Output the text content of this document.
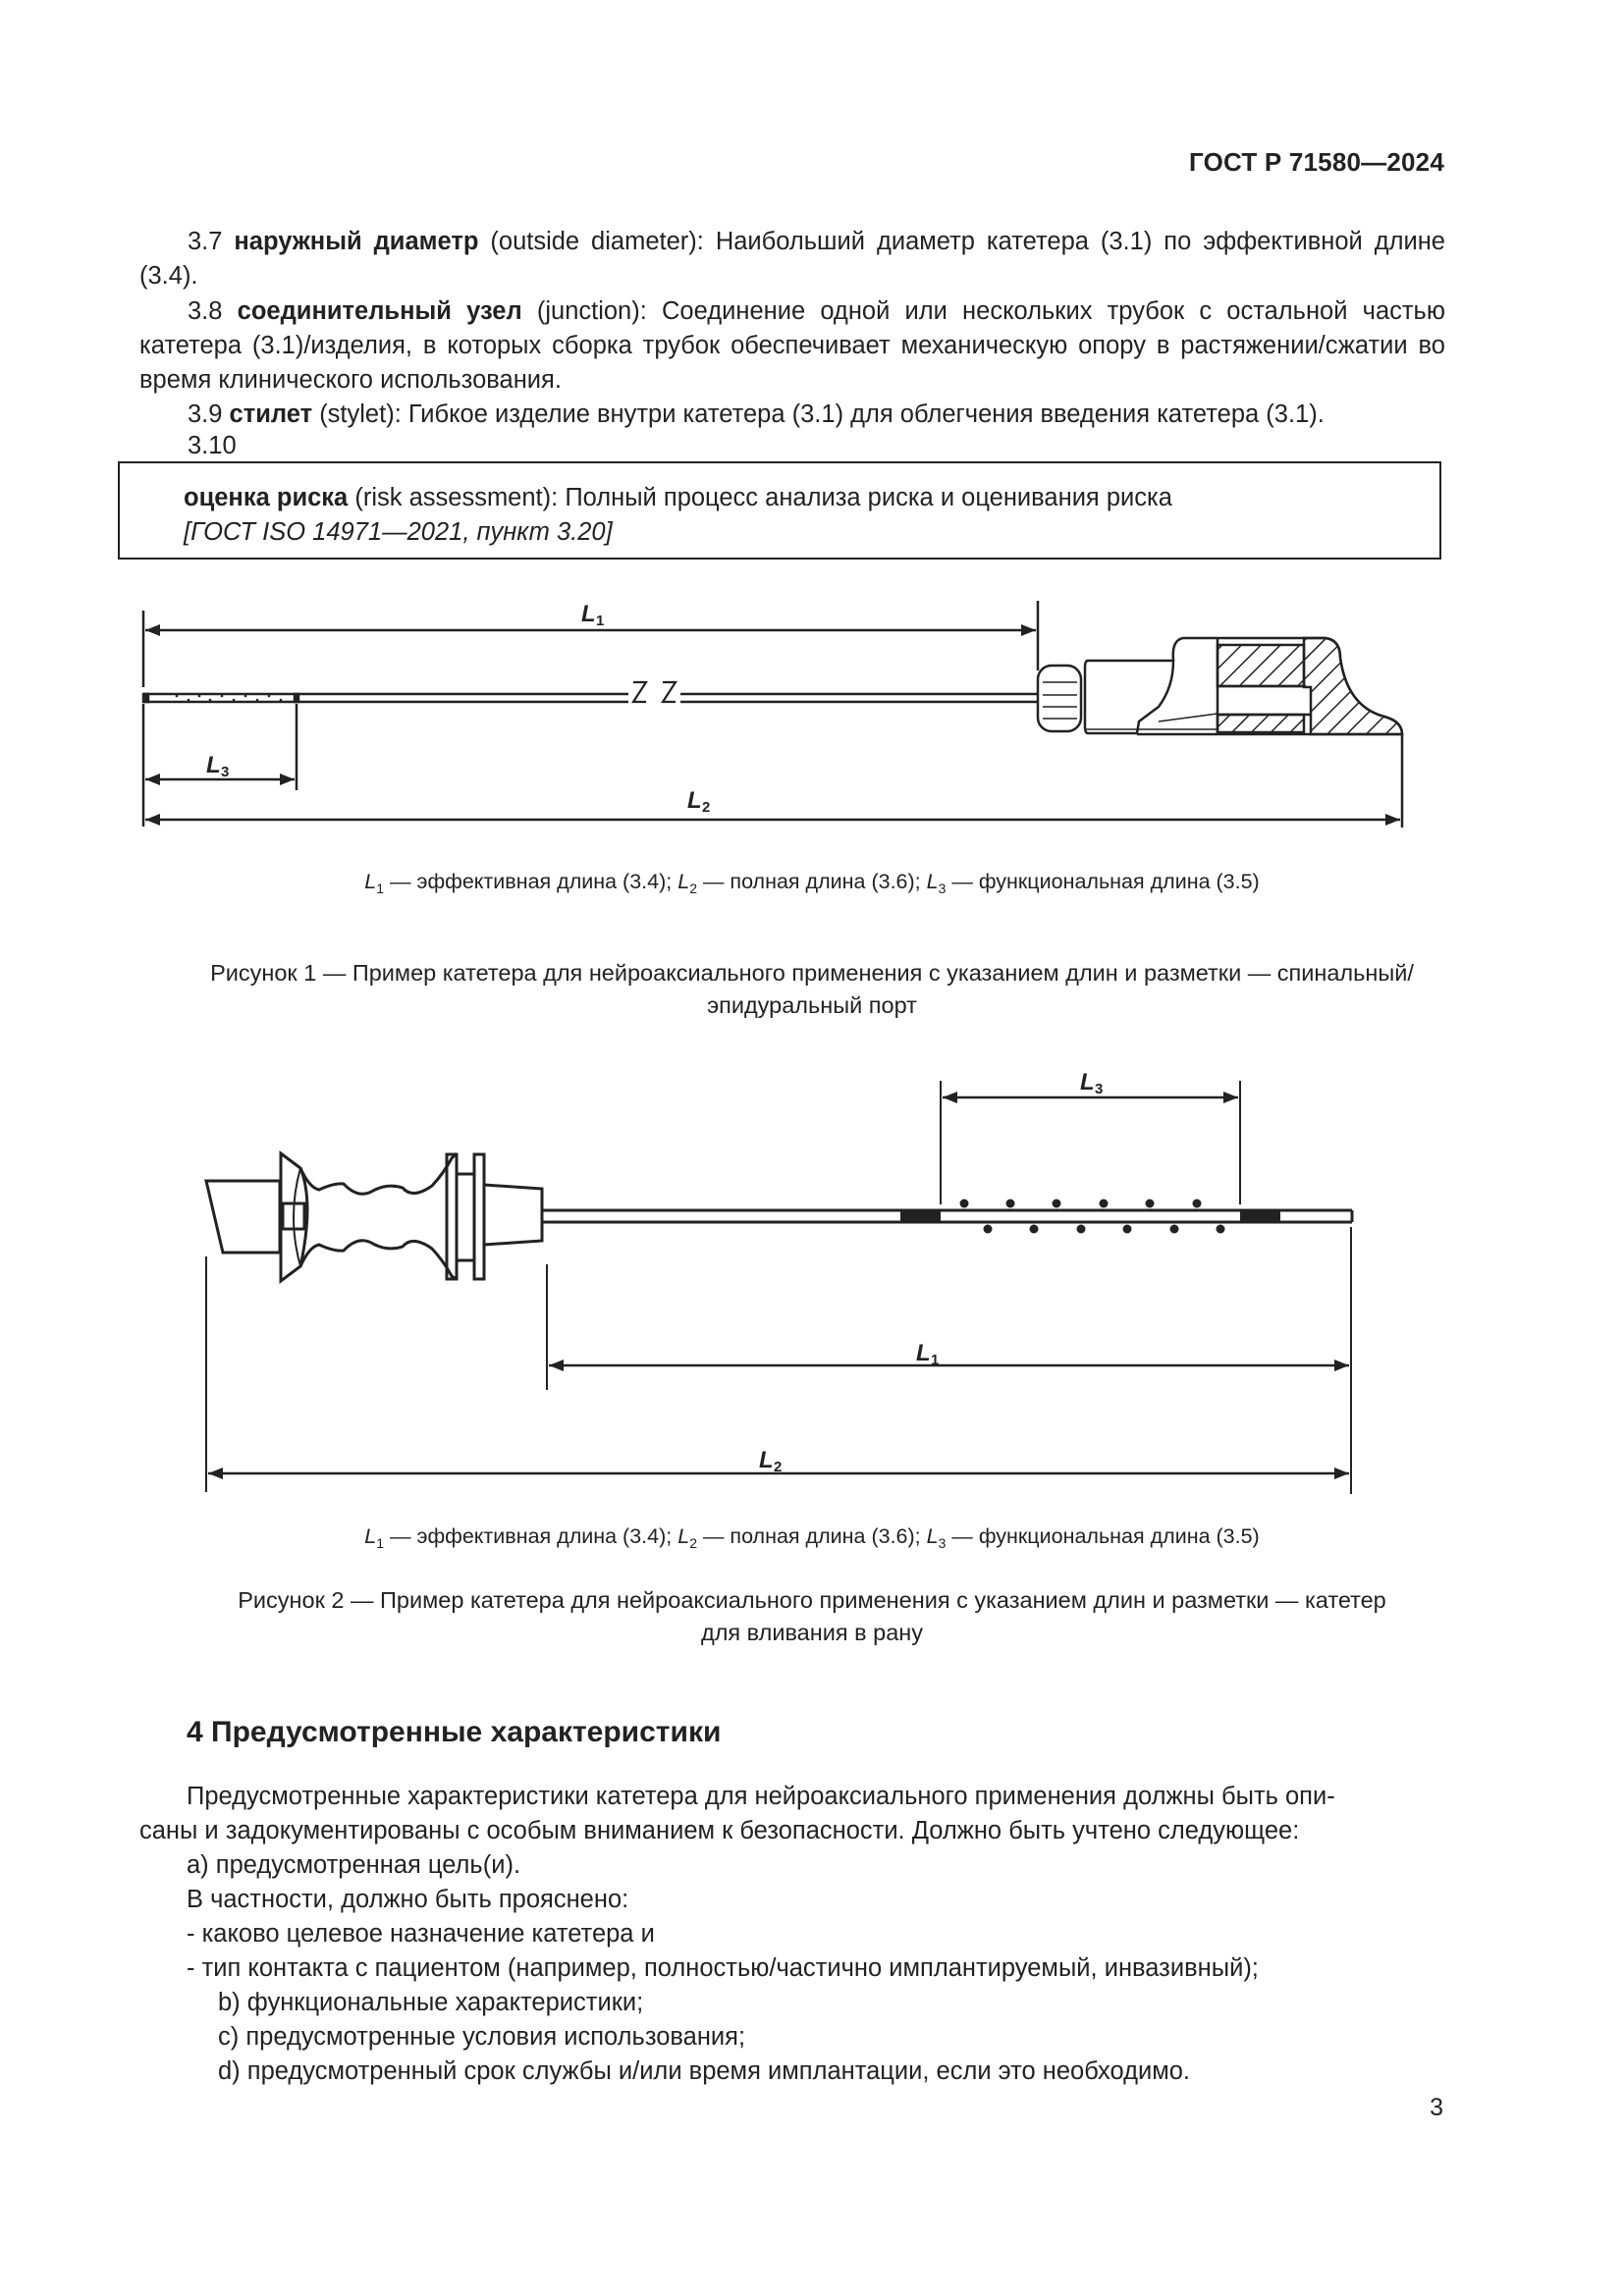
ГОСТ Р 71580—2024
3.7 наружный диаметр (outside diameter): Наибольший диаметр катетера (3.1) по эффективной длине (3.4).
3.8 соединительный узел (junction): Соединение одной или нескольких трубок с остальной частью катетера (3.1)/изделия, в которых сборка трубок обеспечивает механическую опору в растяжении/сжатии во время клинического использования.
3.9 стилет (stylet): Гибкое изделие внутри катетера (3.1) для облегчения введения катетера (3.1).
3.10
оценка риска (risk assessment): Полный процесс анализа риска и оценивания риска
[ГОСТ ISO 14971—2021, пункт 3.20]
L 1
L 3
L 2
$L_1$ — эффективная длина (3.4); $L_2$ — полная длина (3.6); $L_3$ — функциональная длина (3.5)
Рисунок 1 — Пример катетера для нейроаксиального применения с указанием длин и разметки — спинальный/
эпидуральный порт
L 3
L 1
L 2
$L_1$ — эффективная длина (3.4); $L_2$ — полная длина (3.6); $L_3$ — функциональная длина (3.5)
Рисунок 2 — Пример катетера для нейроаксиального применения с указанием длин и разметки — катетер
для вливания в рану
4 Предусмотренные характеристики
Предусмотренные характеристики катетера для нейроаксиального применения должны быть опи-
саны и задокументированы с особым вниманием к безопасности. Должно быть учтено следующее:
а) предусмотренная цель(и).
В частности, должно быть прояснено:
- каково целевое назначение катетера и
- тип контакта с пациентом (например, полностью/частично имплантируемый, инвазивный);
b) функциональные характеристики;
c) предусмотренные условия использования;
d) предусмотренный срок службы и/или время имплантации, если это необходимо.
3
